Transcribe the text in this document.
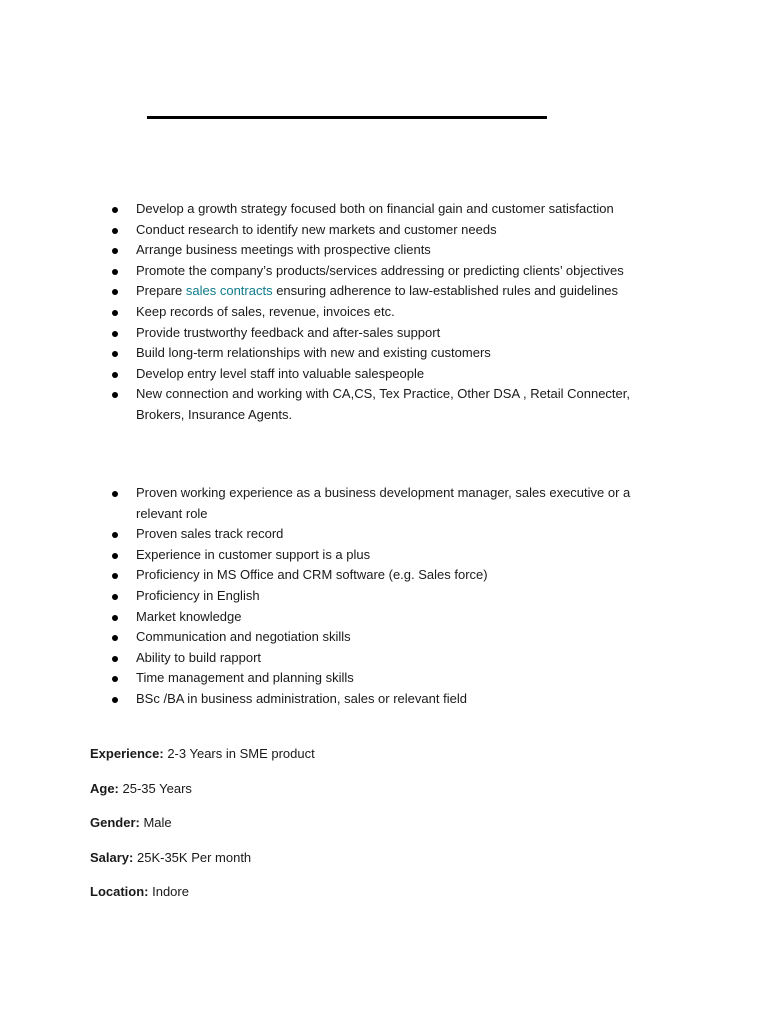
Develop a growth strategy focused both on financial gain and customer satisfaction
Conduct research to identify new markets and customer needs
Arrange business meetings with prospective clients
Promote the company’s products/services addressing or predicting clients’ objectives
Prepare sales contracts ensuring adherence to law-established rules and guidelines
Keep records of sales, revenue, invoices etc.
Provide trustworthy feedback and after-sales support
Build long-term relationships with new and existing customers
Develop entry level staff into valuable salespeople
New connection and working with CA,CS, Tex Practice, Other DSA , Retail Connecter, Brokers, Insurance Agents.
Proven working experience as a business development manager, sales executive or a relevant role
Proven sales track record
Experience in customer support is a plus
Proficiency in MS Office and CRM software (e.g. Sales force)
Proficiency in English
Market knowledge
Communication and negotiation skills
Ability to build rapport
Time management and planning skills
BSc /BA in business administration, sales or relevant field
Experience: 2-3 Years in SME product
Age: 25-35 Years
Gender: Male
Salary: 25K-35K Per month
Location: Indore
